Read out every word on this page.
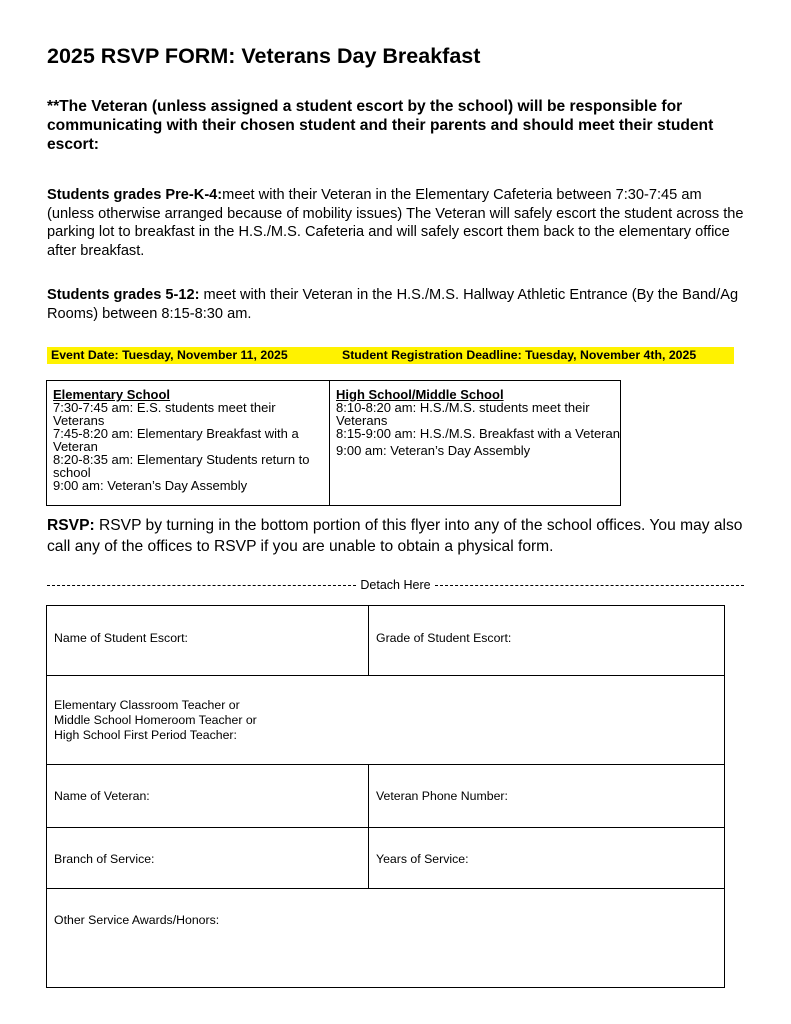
2025 RSVP FORM: Veterans Day Breakfast
**The Veteran (unless assigned a student escort by the school) will be responsible for communicating with their chosen student and their parents and should meet their student escort:
Students grades Pre-K-4:meet with their Veteran in the Elementary Cafeteria between 7:30-7:45 am (unless otherwise arranged because of mobility issues) The Veteran will safely escort the student across the parking lot to breakfast in the H.S./M.S. Cafeteria and will safely escort them back to the elementary office after breakfast.
Students grades 5-12: meet with their Veteran in the H.S./M.S. Hallway Athletic Entrance (By the Band/Ag Rooms) between 8:15-8:30 am.
Event Date: Tuesday, November 11, 2025	Student Registration Deadline: Tuesday, November 4th, 2025
Elementary School
7:30-7:45 am: E.S. students meet their Veterans
7:45-8:20 am: Elementary Breakfast with a Veteran
8:20-8:35 am: Elementary Students return to school
9:00 am: Veteran’s Day Assembly
High School/Middle School
8:10-8:20 am: H.S./M.S. students meet their Veterans
8:15-9:00 am: H.S./M.S. Breakfast with a Veteran
9:00 am: Veteran’s Day Assembly
RSVP: RSVP by turning in the bottom portion of this flyer into any of the school offices. You may also call any of the offices to RSVP if you are unable to obtain a physical form.
Detach Here
Name of Student Escort:	Grade of Student Escort:
Elementary Classroom Teacher or
Middle School Homeroom Teacher or
High School First Period Teacher:
Name of Veteran:	Veteran Phone Number:
Branch of Service:	Years of Service:
Other Service Awards/Honors:
